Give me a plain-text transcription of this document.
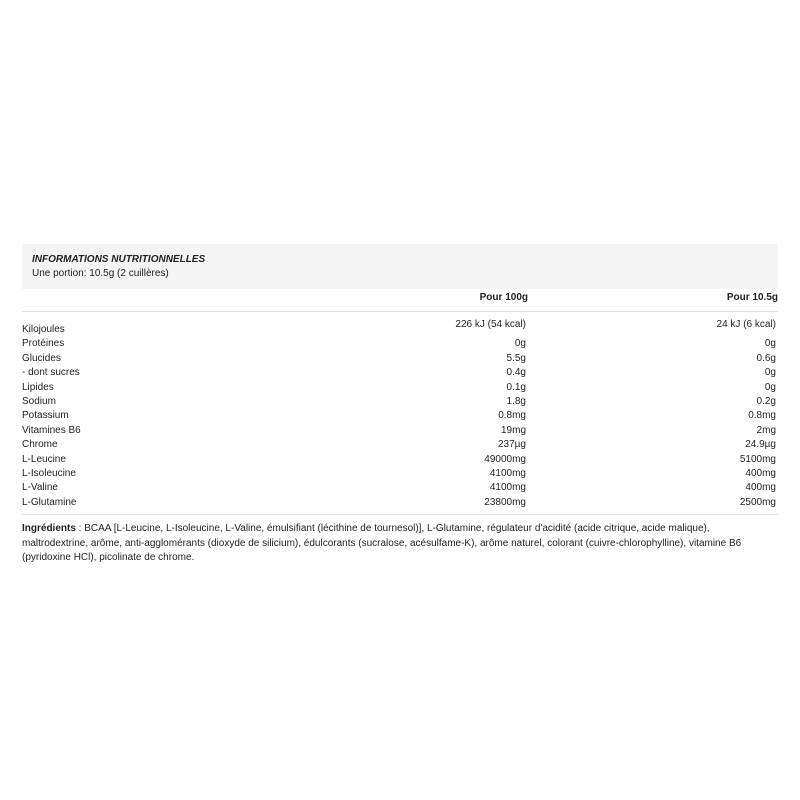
INFORMATIONS NUTRITIONNELLES

Une portion: 10.5g (2 cuillères)

	Pour 100g	Pour 10.5g
Kilojoules	226 kJ (54 kcal)	24 kJ (6 kcal)
Protéines	0g	0g
Glucides	5.5g	0.6g
- dont sucres	0.4g	0g
Lipides	0.1g	0g
Sodium	1.8g	0.2g
Potassium	0.8mg	0.8mg
Vitamines B6	19mg	2mg
Chrome	237µg	24.9µg
L-Leucine	49000mg	5100mg
L-Isoleucine	4100mg	400mg
L-Valine	4100mg	400mg
L-Glutamine	23800mg	2500mg

Ingrédients : BCAA [L-Leucine, L-Isoleucine, L-Valine, émulsifiant (lécithine de tournesol)], L-Glutamine, régulateur d'acidité (acide citrique, acide malique), maltrodextrine, arôme, anti-agglomérants (dioxyde de silicium), édulcorants (sucralose, acésulfame-K), arôme naturel, colorant (cuivre-chlorophylline), vitamine B6 (pyridoxine HCl), picolinate de chrome.
